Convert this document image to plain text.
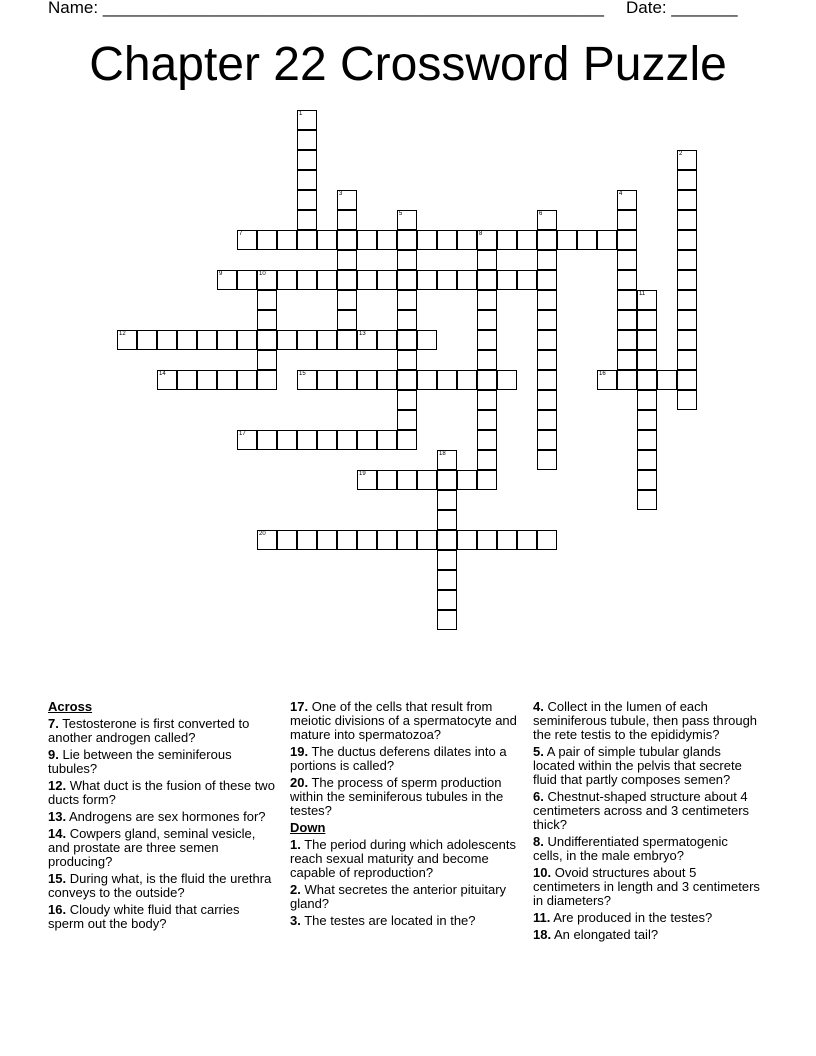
Name: _____________________________________________________ Date: _______
Chapter 22 Crossword Puzzle
1
2
3	4
5	6
7	8
9	10
11
12	13
14	15	16
17
18
19
20
Across
7. Testosterone is first converted to another androgen called?
9. Lie between the seminiferous tubules?
12. What duct is the fusion of these two ducts form?
13. Androgens are sex hormones for?
14. Cowpers gland, seminal vesicle, and prostate are three semen producing?
15. During what, is the fluid the urethra conveys to the outside?
16. Cloudy white fluid that carries sperm out the body?
17. One of the cells that result from meiotic divisions of a spermatocyte and mature into spermatozoa?
19. The ductus deferens dilates into a portions is called?
20. The process of sperm production within the seminiferous tubules in the testes?
Down
1. The period during which adolescents reach sexual maturity and become capable of reproduction?
2. What secretes the anterior pituitary gland?
3. The testes are located in the?
4. Collect in the lumen of each seminiferous tubule, then pass through the rete testis to the epididymis?
5. A pair of simple tubular glands located within the pelvis that secrete fluid that partly composes semen?
6. Chestnut-shaped structure about 4 centimeters across and 3 centimeters thick?
8. Undifferentiated spermatogenic cells, in the male embryo?
10. Ovoid structures about 5 centimeters in length and 3 centimeters in diameters?
11. Are produced in the testes?
18. An elongated tail?
